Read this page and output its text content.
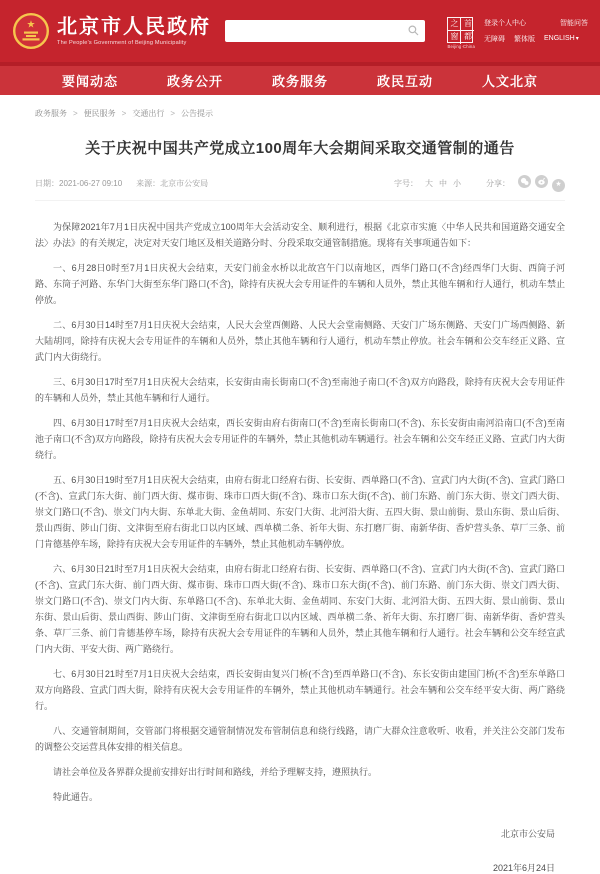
★ 北京市人民政府
The People's Government of Beijing Municipality
之 首
窗 都
Beijing·China
登录个人中心	智能问答
无障碍 繁体版 ENGLISH▾
要闻动态	政务公开	政务服务	政民互动	人文北京
政务服务 > 便民服务 > 交通出行 > 公告提示
关于庆祝中国共产党成立100周年大会期间采取交通管制的通告
日期：2021-06-27 09:10 来源：北京市公安局	字号： 大 中 小	分享：	★

为保障2021年7月1日庆祝中国共产党成立100周年大会活动安全、顺利进行，根据《北京市实施〈中华人民共和国道路交通安全法〉办法》的有关规定，决定对天安门地区及相关道路分时、分段采取交通管制措施。现将有关事项通告如下：

一、6月28日0时至7月1日庆祝大会结束，天安门前金水桥以北故宫午门以南地区，西华门路口(不含)经西华门大街、西筒子河路、东筒子河路、东华门大街至东华门路口(不含)，除持有庆祝大会专用证件的车辆和人员外，禁止其他车辆和行人通行，机动车禁止停放。

二、6月30日14时至7月1日庆祝大会结束，人民大会堂西侧路、人民大会堂南侧路、天安门广场东侧路、天安门广场西侧路、新大陆胡同，除持有庆祝大会专用证件的车辆和人员外，禁止其他车辆和行人通行，机动车禁止停放。社会车辆和公交车经正义路、宣武门内大街绕行。

三、6月30日17时至7月1日庆祝大会结束，长安街由南长街南口(不含)至南池子南口(不含)双方向路段，除持有庆祝大会专用证件的车辆和人员外，禁止其他车辆和行人通行。

四、6月30日17时至7月1日庆祝大会结束，西长安街由府右街南口(不含)至南长街南口(不含)、东长安街由南河沿南口(不含)至南池子南口(不含)双方向路段，除持有庆祝大会专用证件的车辆外，禁止其他机动车辆通行。社会车辆和公交车经正义路、宣武门内大街绕行。

五、6月30日19时至7月1日庆祝大会结束，由府右街北口经府右街、长安街、西单路口(不含)、宣武门内大街(不含)、宣武门路口(不含)、宣武门东大街、前门西大街、煤市街、珠市口西大街(不含)、珠市口东大街(不含)、前门东路、前门东大街、崇文门西大街、崇文门路口(不含)、崇文门内大街、东单北大街、金鱼胡同、东安门大街、北河沿大街、五四大街、景山前街、景山东街、景山后街、景山西街、陟山门街、文津街至府右街北口以内区域、西单横二条、祈年大街、东打磨厂街、南新华街、香炉营头条、草厂三条、前门肯德基停车场，除持有庆祝大会专用证件的车辆外，禁止其他机动车辆停放。

六、6月30日21时至7月1日庆祝大会结束，由府右街北口经府右街、长安街、西单路口(不含)、宣武门内大街(不含)、宣武门路口(不含)、宣武门东大街、前门西大街、煤市街、珠市口西大街(不含)、珠市口东大街(不含)、前门东路、前门东大街、崇文门西大街、崇文门路口(不含)、崇文门内大街、东单路口(不含)、东单北大街、金鱼胡同、东安门大街、北河沿大街、五四大街、景山前街、景山东街、景山后街、景山西街、陟山门街、文津街至府右街北口以内区域、西单横二条、祈年大街、东打磨厂街、南新华街、香炉营头条、草厂三条、前门肯德基停车场，除持有庆祝大会专用证件的车辆和人员外，禁止其他车辆和行人通行。社会车辆和公交车经宣武门内大街、平安大街、两广路绕行。

七、6月30日21时至7月1日庆祝大会结束，西长安街由复兴门桥(不含)至西单路口(不含)、东长安街由建国门桥(不含)至东单路口双方向路段、宣武门西大街，除持有庆祝大会专用证件的车辆外，禁止其他机动车辆通行。社会车辆和公交车经平安大街、两广路绕行。

八、交通管制期间，交管部门将根据交通管制情况发布管制信息和绕行线路，请广大群众注意收听、收看，并关注公交部门发布的调整公交运营具体安排的相关信息。

请社会单位及各界群众提前安排好出行时间和路线，并给予理解支持，遵照执行。

特此通告。

北京市公安局
2021年6月24日
